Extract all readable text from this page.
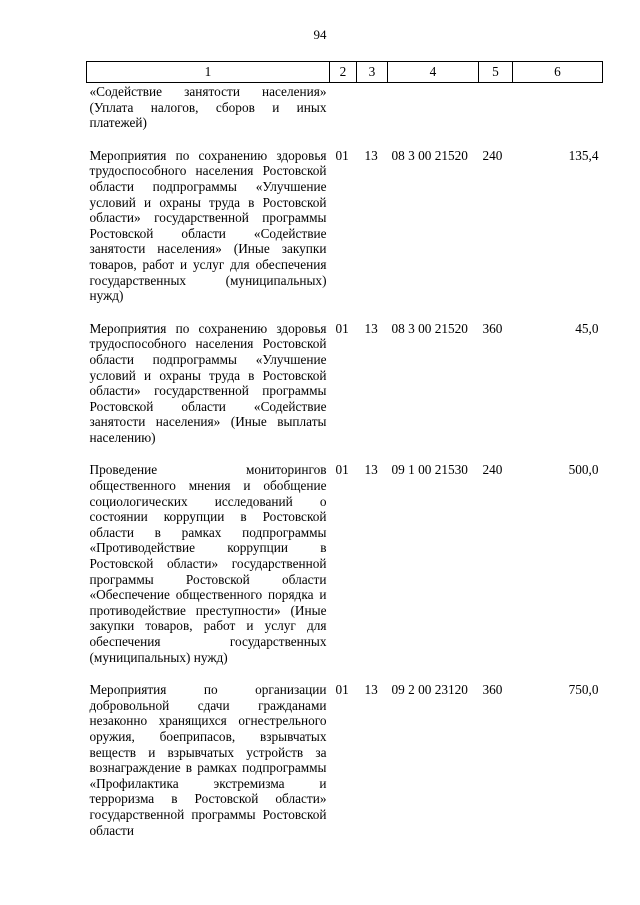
94
1	2	3	4	5	6
«Содействие занятости населения» (Уплата налогов, сборов и иных платежей)					
Мероприятия по сохранению здоровья трудоспособного населения Ростовской области подпрограммы «Улучшение условий и охраны труда в Ростовской области» государственной программы Ростовской области «Содействие занятости населения» (Иные закупки товаров, работ и услуг для обеспечения государственных (муниципальных) нужд)	01	13	08 3 00 21520	240	135,4
Мероприятия по сохранению здоровья трудоспособного населения Ростовской области подпрограммы «Улучшение условий и охраны труда в Ростовской области» государственной программы Ростовской области «Содействие занятости населения» (Иные выплаты населению)	01	13	08 3 00 21520	360	45,0
Проведение мониторингов общественного мнения и обобщение социологических исследований о состоянии коррупции в Ростовской области в рамках подпрограммы «Противодействие коррупции в Ростовской области» государственной программы Ростовской области «Обеспечение общественного порядка и противодействие преступности» (Иные закупки товаров, работ и услуг для обеспечения государственных (муниципальных) нужд)	01	13	09 1 00 21530	240	500,0
Мероприятия по организации добровольной сдачи гражданами незаконно хранящихся огнестрельного оружия, боеприпасов, взрывчатых веществ и взрывчатых устройств за вознаграждение в рамках подпрограммы «Профилактика экстремизма и терроризма в Ростовской области» государственной программы Ростовской области	01	13	09 2 00 23120	360	750,0
